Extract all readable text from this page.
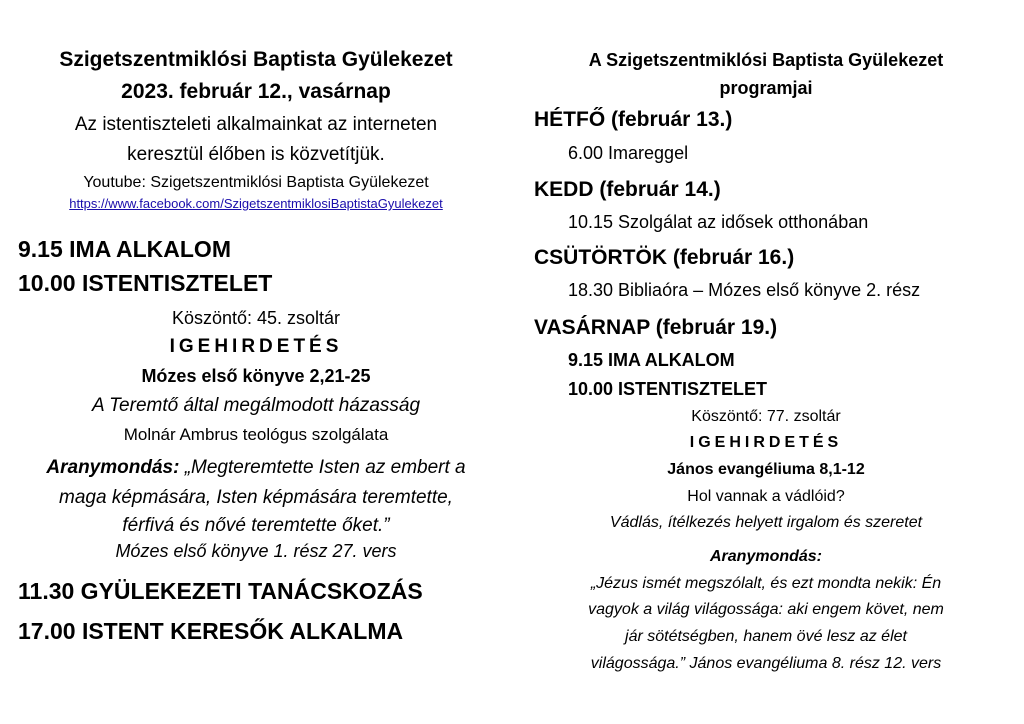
Szigetszentmiklósi Baptista Gyülekezet
2023. február 12., vasárnap
Az istentiszteleti alkalmainkat az interneten
keresztül élőben is közvetítjük.
Youtube: Szigetszentmiklósi Baptista Gyülekezet
https://www.facebook.com/SzigetszentmiklosiBaptistaGyulekezet
9.15 IMA ALKALOM
10.00 ISTENTISZTELET
Köszöntő: 45. zsoltár
IGEHIRDETÉS
Mózes első könyve 2,21-25
A Teremtő által megálmodott házasság
Molnár Ambrus teológus szolgálata
Aranymondás: „Megteremtette Isten az embert a
maga képmására, Isten képmására teremtette,
férfivá és nővé teremtette őket.”
Mózes első könyve 1. rész 27. vers
11.30 GYÜLEKEZETI TANÁCSKOZÁS
17.00 ISTENT KERESŐK ALKALMA
A Szigetszentmiklósi Baptista Gyülekezet
programjai
HÉTFŐ (február 13.)
6.00 Imareggel
KEDD (február 14.)
10.15 Szolgálat az idősek otthonában
CSÜTÖRTÖK (február 16.)
18.30 Bibliaóra – Mózes első könyve 2. rész
VASÁRNAP (február 19.)
9.15 IMA ALKALOM
10.00 ISTENTISZTELET
Köszöntő: 77. zsoltár
IGEHIRDETÉS
János evangéliuma 8,1-12
Hol vannak a vádlóid?
Vádlás, ítélkezés helyett irgalom és szeretet
Aranymondás:
„Jézus ismét megszólalt, és ezt mondta nekik: Én
vagyok a világ világossága: aki engem követ, nem
jár sötétségben, hanem övé lesz az élet
világossága.” János evangéliuma 8. rész 12. vers
